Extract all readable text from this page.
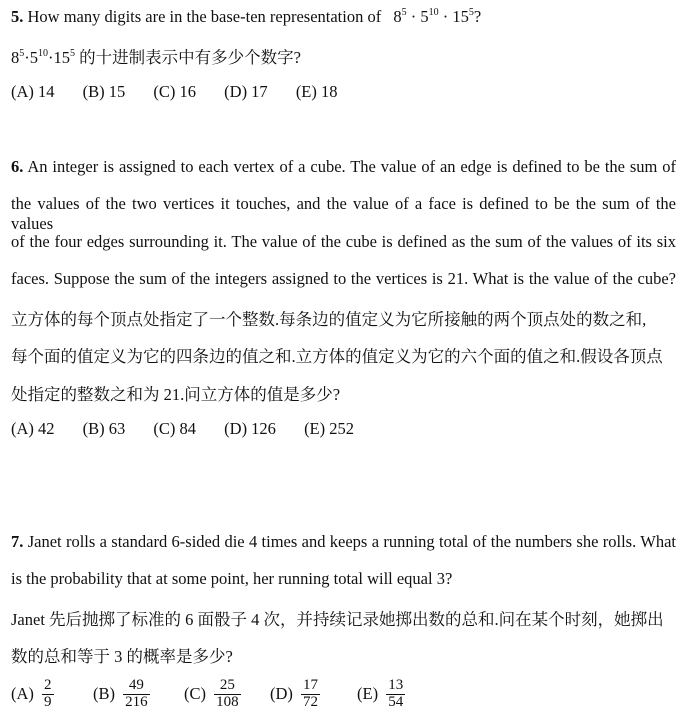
5. How many digits are in the base-ten representation of $8^5 \cdot 5^{10} \cdot 15^5$?
$8^5\cdot 5^{10}\cdot 15^5$ 的十进制表示中有多少个数字?
(A) 14 (B) 15 (C) 16 (D) 17 (E) 18
6. An integer is assigned to each vertex of a cube. The value of an edge is defined to be the sum of
the values of the two vertices it touches, and the value of a face is defined to be the sum of the values
of the four edges surrounding it. The value of the cube is defined as the sum of the values of its six
faces. Suppose the sum of the integers assigned to the vertices is 21. What is the value of the cube?
立方体的每个顶点处指定了一个整数.每条边的值定义为它所接触的两个顶点处的数之和,
每个面的值定义为它的四条边的值之和.立方体的值定义为它的六个面的值之和.假设各顶点
处指定的整数之和为 21.问立方体的值是多少?
(A) 42 (B) 63 (C) 84 (D) 126 (E) 252
7. Janet rolls a standard 6-sided die 4 times and keeps a running total of the numbers she rolls. What
is the probability that at some point, her running total will equal 3?
Janet 先后抛掷了标准的 6 面骰子 4 次，并持续记录她掷出数的总和.问在某个时刻，她掷出
数的总和等于 3 的概率是多少?
$(A) \frac{2}{9} (B) \frac{49}{216} (C) \frac{25}{108} (D) \frac{17}{72} (E) \frac{13}{54}$
